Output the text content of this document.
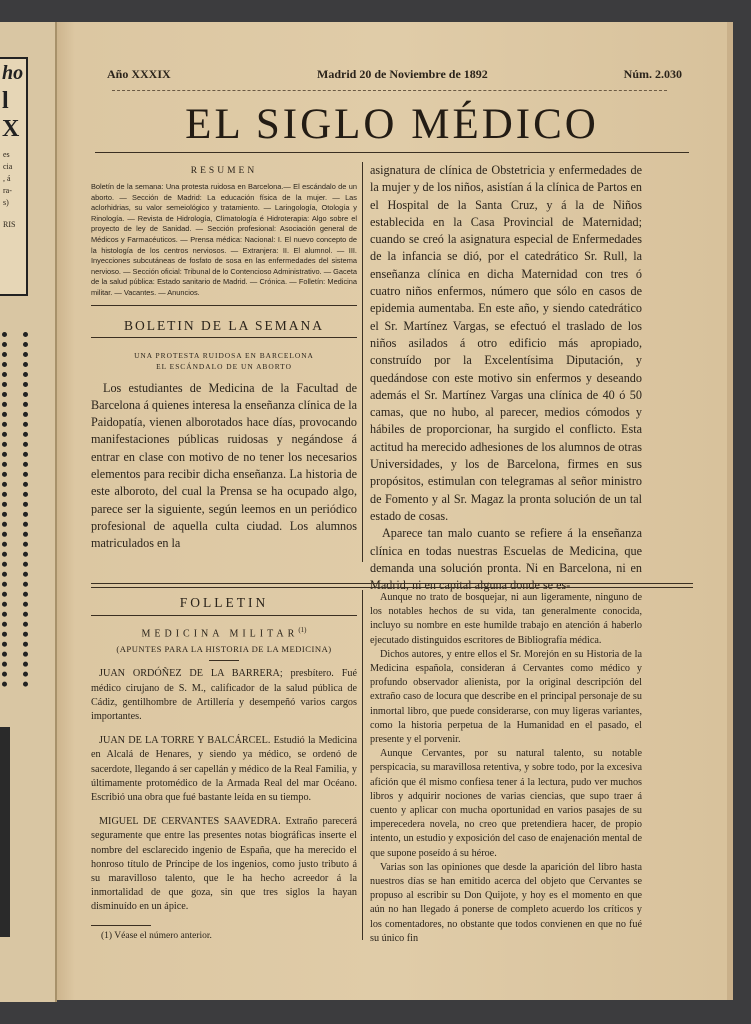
ho
l
X
es
cia
, á
ra-
s)
RIS
Año XXXIX	Madrid 20 de Noviembre de 1892	Núm. 2.030
EL SIGLO MÉDICO
RESUMEN
Boletín de la semana: Una protesta ruidosa en Barcelona.— El escándalo de un aborto. — Sección de Madrid: La educación física de la mujer. — Las aclorhidrias, su valor semeiológico y tratamiento. — Laringología, Otología y Rinología. — Revista de Hidrología, Climatología é Hidroterapia: Algo sobre el proyecto de ley de Sanidad. — Sección profesional: Asociación general de Médicos y Farmacéuticos. — Prensa médica: Nacional: I. El nuevo concepto de la histología de los centros nerviosos. — Extranjera: II. El alumnol. — III. Inyecciones subcutáneas de fosfato de sosa en las enfermedades del sistema nervioso. — Sección oficial: Tribunal de lo Contencioso Administrativo. — Gaceta de la salud pública: Estado sanitario de Madrid. — Crónica. — Folletín: Medicina militar. — Vacantes. — Anuncios.
BOLETIN DE LA SEMANA
UNA PROTESTA RUIDOSA EN BARCELONA
EL ESCÁNDALO DE UN ABORTO
Los estudiantes de Medicina de la Facultad de Barcelona á quienes interesa la enseñanza clínica de la Paidopatía, vienen alborotados hace días, provocando manifestaciones públicas ruidosas y negándose á entrar en clase con motivo de no tener los necesarios elementos para recibir dicha enseñanza. La historia de este alboroto, del cual la Prensa se ha ocupado algo, parece ser la siguiente, según leemos en un periódico profesional de aquella culta ciudad. Los alumnos matriculados en la

asignatura de clínica de Obstetricia y enfermedades de la mujer y de los niños, asistían á la clínica de Partos en el Hospital de la Santa Cruz, y á la de Niños establecida en la Casa Provincial de Maternidad; cuando se creó la asignatura especial de Enfermedades de la infancia se dió, por el catedrático Sr. Rull, la enseñanza clínica en dicha Maternidad con tres ó cuatro niños enfermos, número que sólo en casos de epidemia aumentaba. En este año, y siendo catedrático el Sr. Martínez Vargas, se efectuó el traslado de los niños asilados á otro edificio más apropiado, construído por la Excelentísima Diputación, y quedándose con este motivo sin enfermos y deseando además el Sr. Martínez Vargas una clínica de 40 ó 50 camas, que no hubo, al parecer, medios cómodos y hábiles de proporcionar, ha surgido el conflicto. Esta actitud ha merecido adhesiones de los alumnos de otras Universidades, y los de Barcelona, firmes en sus propósitos, estimulan con telegramas al señor ministro de Fomento y al Sr. Magaz la pronta solución de un tal estado de cosas.

Aparece tan malo cuanto se refiere á la enseñanza clínica en todas nuestras Escuelas de Medicina, que demanda una solución pronta. Ni en Barcelona, ni en Madrid, ni en capital alguna donde se es-

FOLLETIN
MEDICINA MILITAR$^{(1)}$
(APUNTES PARA LA HISTORIA DE LA MEDICINA)

JUAN ORDÓÑEZ DE LA BARRERA; presbítero. Fué médico cirujano de S. M., calificador de la salud pública de Cádiz, gentilhombre de Artillería y desempeñó varios cargos importantes.

JUAN DE LA TORRE Y BALCÁRCEL. Estudió la Medicina en Alcalá de Henares, y siendo ya médico, se ordenó de sacerdote, llegando á ser capellán y médico de la Real Familia, y últimamente protomédico de la Armada Real del mar Océano. Escribió una obra que fué bastante leída en su tiempo.

MIGUEL DE CERVANTES SAAVEDRA. Extraño parecerá seguramente que entre las presentes notas biográficas inserte el nombre del esclarecido ingenio de España, que ha merecido el honroso título de Príncipe de los ingenios, como justo tributo á su maravilloso talento, que le ha hecho acreedor á la inmortalidad de que goza, sin que tres siglos la hayan disminuído en un ápice.

(1) Véase el número anterior.

Aunque no trato de bosquejar, ni aun ligeramente, ninguno de los notables hechos de su vida, tan generalmente conocida, incluyo su nombre en este humilde trabajo en atención á haberlo ejecutado distinguidos escritores de Bibliografía médica.

Dichos autores, y entre ellos el Sr. Morejón en su Historia de la Medicina española, consideran á Cervantes como médico y profundo observador alienista, por la original descripción del extraño caso de locura que describe en el principal personaje de su inmortal libro, que puede considerarse, con muy ligeras variantes, como la historia perpetua de la Humanidad en el pasado, el presente y el porvenir.

Aunque Cervantes, por su natural talento, su notable perspicacia, su maravillosa retentiva, y sobre todo, por la excesiva afición que él mismo confiesa tener á la lectura, pudo ver muchos libros y adquirir nociones de varias ciencias, que supo traer á cuento y aplicar con mucha oportunidad en varios pasajes de su imperecedera novela, no creo que pretendiera hacer, de propio intento, un estudio y exposición del caso de enajenación mental de que supone poseído á su héroe.

Varias son las opiniones que desde la aparición del libro hasta nuestros días se han emitido acerca del objeto que Cervantes se propuso al escribir su Don Quijote, y hoy es el momento en que aún no han llegado á ponerse de completo acuerdo los críticos y los comentadores, no obstante que todos convienen en que no fué su único fin
